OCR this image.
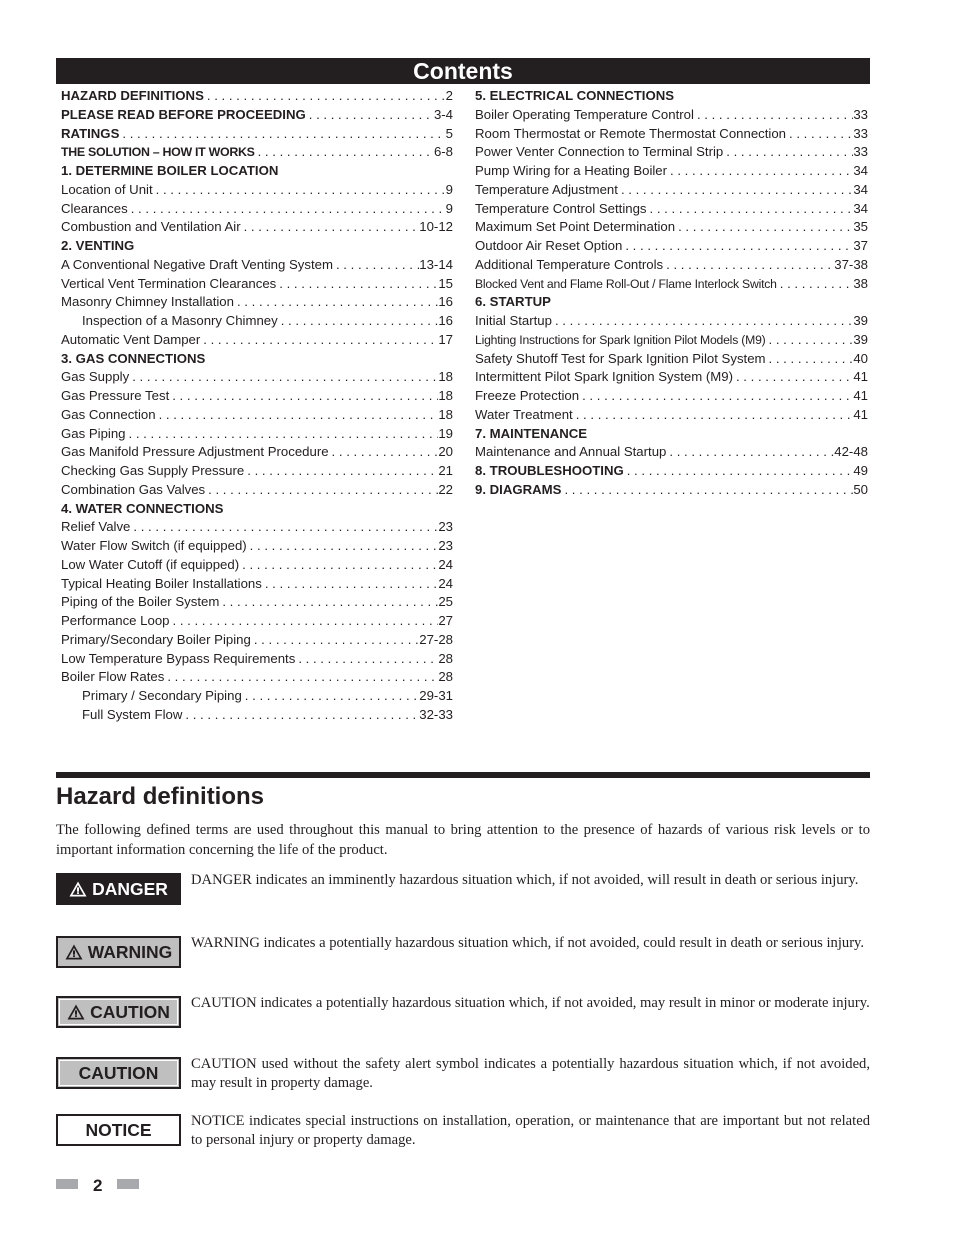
Contents
HAZARD DEFINITIONS . . .	2
PLEASE READ BEFORE PROCEEDING . . .	3-4
RATINGS . . .	5
THE SOLUTION – HOW IT WORKS . . .	6-8
1. DETERMINE BOILER LOCATION
Location of Unit . . .	9
Clearances . . .	9
Combustion and Ventilation Air . . .	10-12
2. VENTING
A Conventional Negative Draft Venting System . . .	13-14
Vertical Vent Termination Clearances . . .	15
Masonry Chimney Installation . . .	16
Inspection of a Masonry Chimney . . .	16
Automatic Vent Damper . . .	17
3. GAS CONNECTIONS
Gas Supply . . .	18
Gas Pressure Test . . .	18
Gas Connection . . .	18
Gas Piping . . .	19
Gas Manifold Pressure Adjustment Procedure . . .	20
Checking Gas Supply Pressure . . .	21
Combination Gas Valves . . .	22
4. WATER CONNECTIONS
Relief Valve . . .	23
Water Flow Switch (if equipped) . . .	23
Low Water Cutoff (if equipped) . . .	24
Typical Heating Boiler Installations . . .	24
Piping of the Boiler System . . .	25
Performance Loop . . .	27
Primary/Secondary Boiler Piping . . .	27-28
Low Temperature Bypass Requirements . . .	28
Boiler Flow Rates . . .	28
Primary / Secondary Piping . . .	29-31
Full System Flow . . .	32-33
5. ELECTRICAL CONNECTIONS
Boiler Operating Temperature Control . . .	33
Room Thermostat or Remote Thermostat Connection . . .	33
Power Venter Connection to Terminal Strip . . .	33
Pump Wiring for a Heating Boiler . . .	34
Temperature Adjustment . . .	34
Temperature Control Settings . . .	34
Maximum Set Point Determination . . .	35
Outdoor Air Reset Option . . .	37
Additional Temperature Controls . . .	37-38
Blocked Vent and Flame Roll-Out / Flame Interlock Switch . . .	38
6. STARTUP
Initial Startup . . .	39
Lighting Instructions for Spark Ignition Pilot Models (M9) . . .	39
Safety Shutoff Test for Spark Ignition Pilot System . . .	40
Intermittent Pilot Spark Ignition System (M9) . . .	41
Freeze Protection . . .	41
Water Treatment . . .	41
7. MAINTENANCE
Maintenance and Annual Startup . . .	42-48
8. TROUBLESHOOTING . . .	49
9. DIAGRAMS . . .	50
Hazard definitions
The following defined terms are used throughout this manual to bring attention to the presence of hazards of various risk levels or to important information concerning the life of the product.
DANGER DANGER indicates an imminently hazardous situation which, if not avoided, will result in death or serious injury.
WARNING WARNING indicates a potentially hazardous situation which, if not avoided, could result in death or serious injury.
CAUTION CAUTION indicates a potentially hazardous situation which, if not avoided, may result in minor or moderate injury.
CAUTION CAUTION used without the safety alert symbol indicates a potentially hazardous situation which, if not avoided, may result in property damage.
NOTICE	NOTICE indicates special instructions on installation, operation, or maintenance that are important but not related to personal injury or property damage.
2
